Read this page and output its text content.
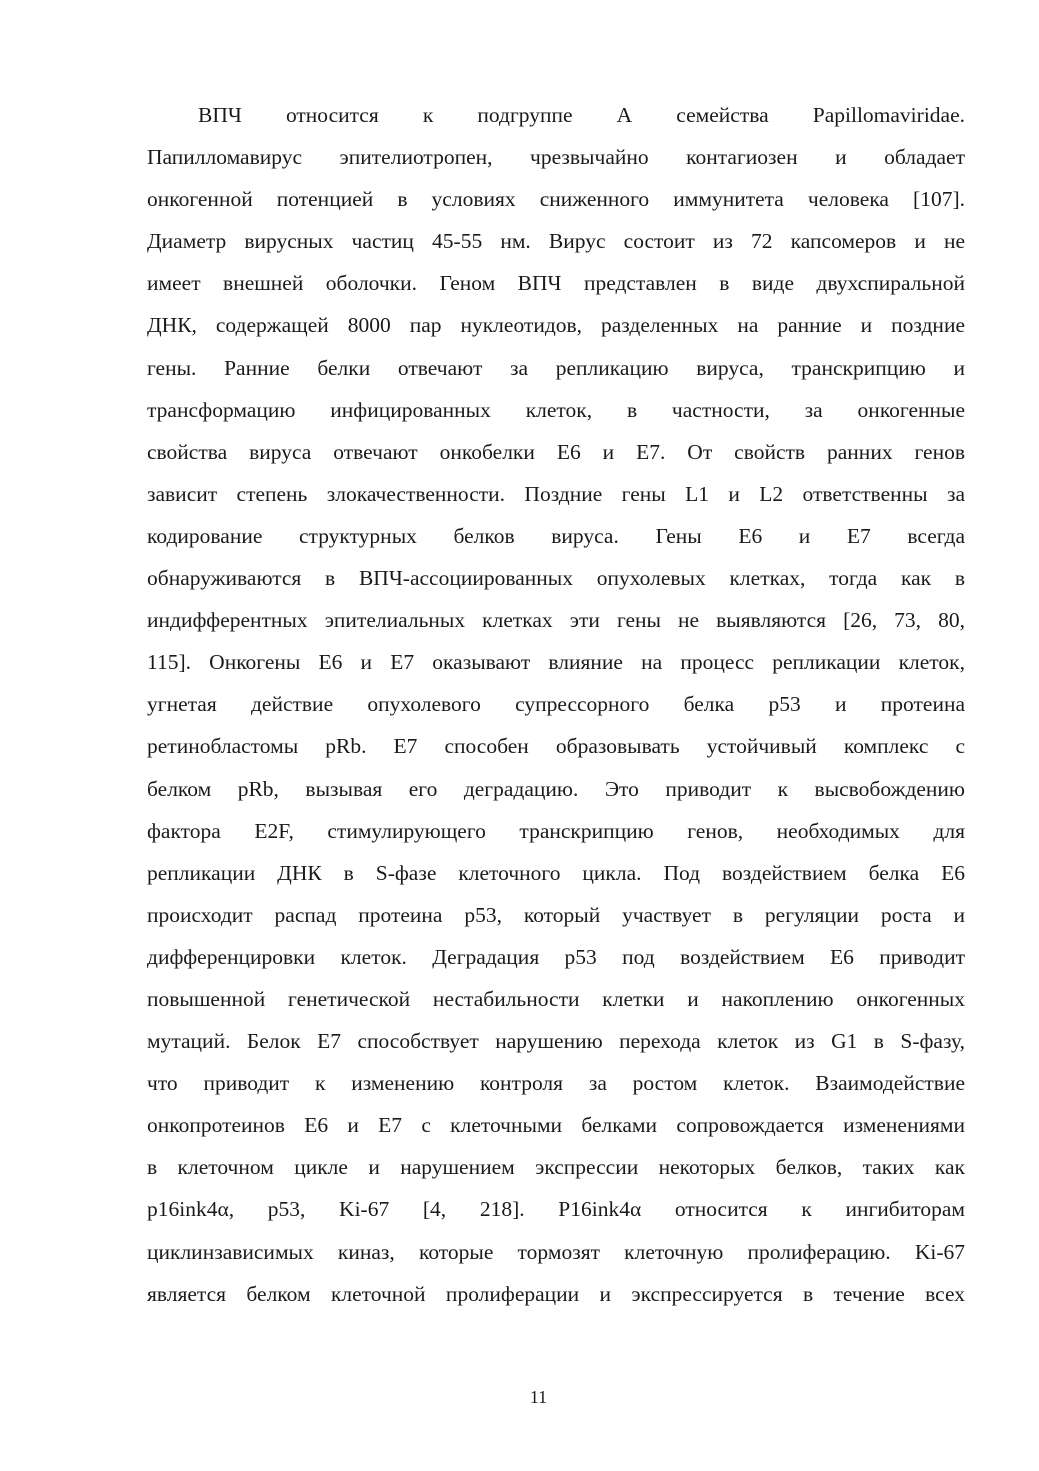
ВПЧ относится к подгруппе А семейства Papillomaviridae.
Папилломавирус эпителиотропен, чрезвычайно контагиозен и обладает
онкогенной потенцией в условиях сниженного иммунитета человека [107].
Диаметр вирусных частиц 45-55 нм. Вирус состоит из 72 капсомеров и не
имеет внешней оболочки. Геном ВПЧ представлен в виде двухспиральной
ДНК, содержащей 8000 пар нуклеотидов, разделенных на ранние и поздние
гены. Ранние белки отвечают за репликацию вируса, транскрипцию и
трансформацию инфицированных клеток, в частности, за онкогенные
свойства вируса отвечают онкобелки Е6 и Е7. От свойств ранних генов
зависит степень злокачественности. Поздние гены L1 и L2 ответственны за
кодирование структурных белков вируса. Гены Е6 и Е7 всегда
обнаруживаются в ВПЧ-ассоциированных опухолевых клетках, тогда как в
индифферентных эпителиальных клетках эти гены не выявляются [26, 73, 80,
115]. Онкогены Е6 и Е7 оказывают влияние на процесс репликации клеток,
угнетая действие опухолевого супрессорного белка p53 и протеина
ретинобластомы pRb. Е7 способен образовывать устойчивый комплекс с
белком pRb, вызывая его деградацию. Это приводит к высвобождению
фактора E2F, стимулирующего транскрипцию генов, необходимых для
репликации ДНК в S-фазе клеточного цикла. Под воздействием белка Е6
происходит распад протеина p53, который участвует в регуляции роста и
дифференцировки клеток. Деградация p53 под воздействием Е6 приводит
повышенной генетической нестабильности клетки и накоплению онкогенных
мутаций. Белок Е7 способствует нарушению перехода клеток из G1 в S-фазу,
что приводит к изменению контроля за ростом клеток. Взаимодействие
онкопротеинов Е6 и Е7 с клеточными белками сопровождается изменениями
в клеточном цикле и нарушением экспрессии некоторых белков, таких как
p16ink4α, p53, Ki-67 [4, 218]. P16ink4α относится к ингибиторам
циклинзависимых киназ, которые тормозят клеточную пролиферацию. Ki-67
является белком клеточной пролиферации и экспрессируется в течение всех
11
